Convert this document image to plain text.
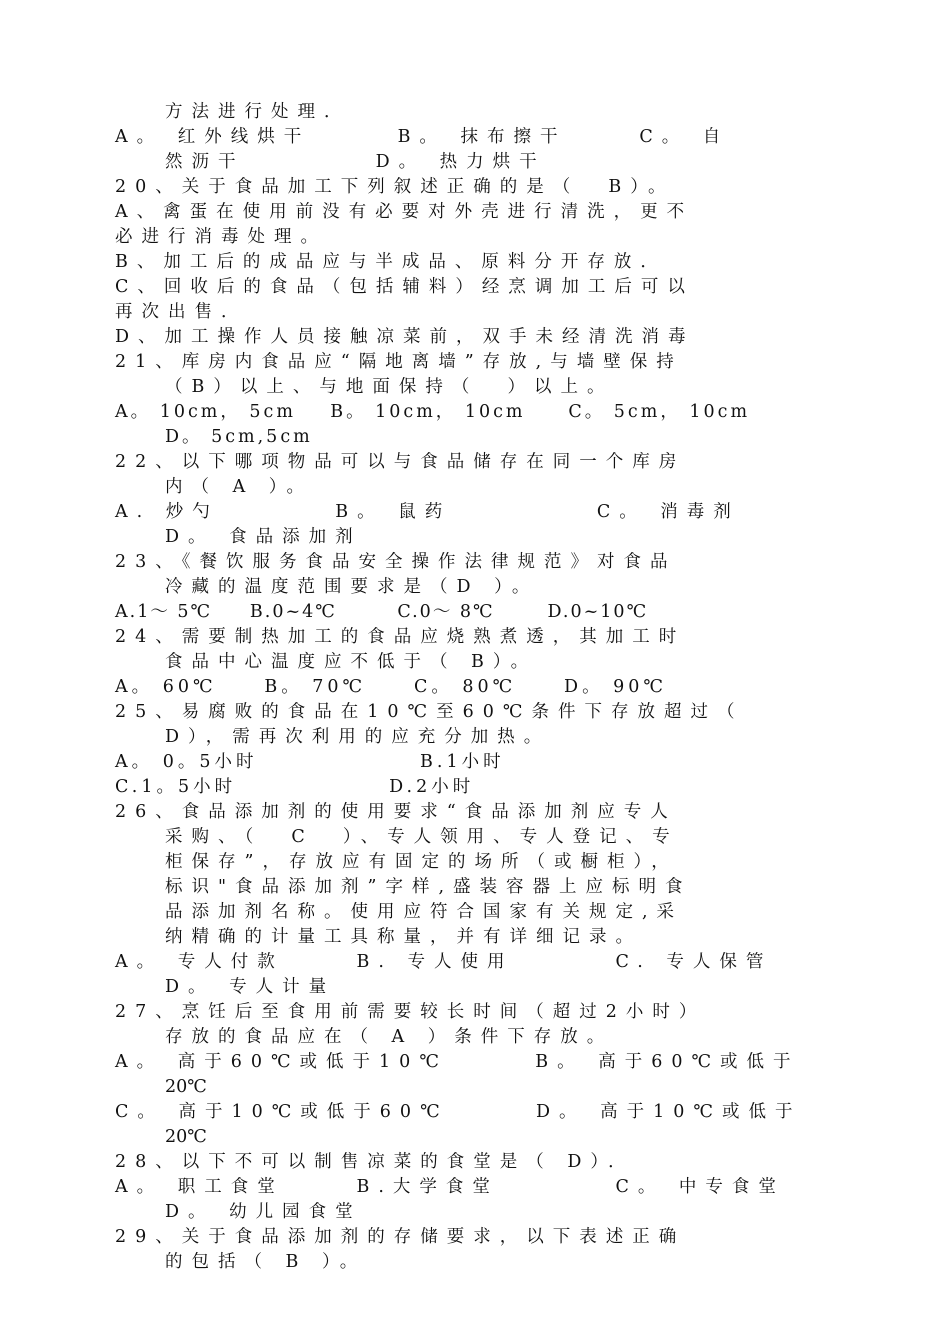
方法进行处理．
A。 红外线烘干      B。 抹布擦干     C。 自
然沥干         D。 热力烘干
20、关于食品加工下列叙述正确的是（  B）。
A、禽蛋在使用前没有必要对外壳进行清洗，更不
必进行消毒处理。
B、加工后的成品应与半成品、原料分开存放．
C、回收后的食品（包括辅料）经烹调加工后可以
再次出售．
D、加工操作人员接触凉菜前，双手未经清洗消毒
21、库房内食品应“隔地离墙”存放,与墙壁保持
（B）以上、与地面保持（  ）以上。
A。 10cm， 5cm    B。 10cm， 10cm     C。 5cm， 10cm
D。 5cm,5cm
22、以下哪项物品可以与食品储存在同一个库房
内（ A ）。
A. 炒勺        B。 鼠药          C。 消毒剂
D。 食品添加剂
23、《餐饮服务食品安全操作法律规范》对食品
冷藏的温度范围要求是（D ）。
A.1～ 5℃     B.0~4℃        C.0～ 8℃       D.0~10℃
24、需要制热加工的食品应烧熟煮透，其加工时
食品中心温度应不低于（ B）。
A。 60℃     B。 70℃     C。 80℃     D。 90℃
25、易腐败的食品在10℃至60℃条件下存放超过（
D），需再次利用的应充分加热。
A。 0。5小时                 B.1小时
C.1。5小时                D.2小时
26、食品添加剂的使用要求“食品添加剂应专人
采购、（  C  ）、专人领用、专人登记、专
柜保存”，存放应有固定的场所（或橱柜），
标识"食品添加剂”字样,盛装容器上应标明食
品添加剂名称。使用应符合国家有关规定,采
纳精确的计量工具称量，并有详细记录。
A。 专人付款     B. 专人使用       C. 专人保管
D。 专人计量
27、烹饪后至食用前需要较长时间（超过2小时）
存放的食品应在（ A ）条件下存放。
A。 高于60℃或低于10℃      B。 高于60℃或低于
20℃
C。 高于10℃或低于60℃      D。 高于10℃或低于
20℃
28、以下不可以制售凉菜的食堂是（ D）．
A。 职工食堂     B.大学食堂        C。 中专食堂
D。 幼儿园食堂
29、关于食品添加剂的存储要求，以下表述正确
的包括（ B ）。
